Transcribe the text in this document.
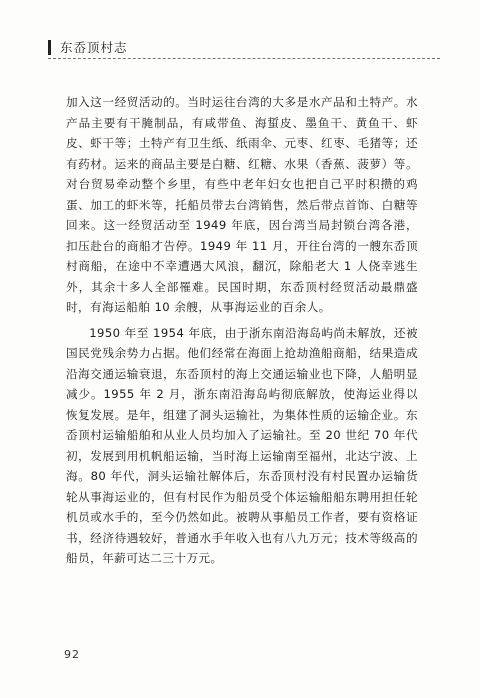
东岙顶村志

加入这一经贸活动的。当时运往台湾的大多是水产品和土特产。水产品主要有干腌制品，有咸带鱼、海蜇皮、墨鱼干、黄鱼干、虾皮、虾干等；土特产有卫生纸、纸雨伞、元枣、红枣、毛猪等；还有药材。运来的商品主要是白糖、红糖、水果（香蕉、菠萝）等。对台贸易牵动整个乡里，有些中老年妇女也把自己平时积攒的鸡蛋、加工的虾米等，托船员带去台湾销售，然后带点首饰、白糖等回来。这一经贸活动至 1949 年底，因台湾当局封锁台湾各港，扣压赴台的商船才告停。1949 年 11 月，开往台湾的一艘东岙顶村商船，在途中不幸遭遇大风浪，翻沉，除船老大 1 人侥幸逃生外，其余十多人全部罹难。民国时期，东岙顶村经贸活动最鼎盛时，有海运船舶 10 余艘，从事海运业的百余人。

1950 年至 1954 年底，由于浙东南沿海岛屿尚未解放，还被国民党残余势力占据。他们经常在海面上抢劫渔船商船，结果造成沿海交通运输衰退，东岙顶村的海上交通运输业也下降，人船明显减少。1955 年 2 月，浙东南沿海岛屿彻底解放，使海运业得以恢复发展。是年，组建了洞头运输社，为集体性质的运输企业。东岙顶村运输船舶和从业人员均加入了运输社。至 20 世纪 70 年代初，发展到用机帆船运输，当时海上运输南至福州，北达宁波、上海。80 年代，洞头运输社解体后，东岙顶村没有村民置办运输货轮从事海运业的，但有村民作为船员受个体运输船船东聘用担任轮机员或水手的，至今仍然如此。被聘从事船员工作者，要有资格证书，经济待遇较好，普通水手年收入也有八九万元；技术等级高的船员，年薪可达二三十万元。

92
